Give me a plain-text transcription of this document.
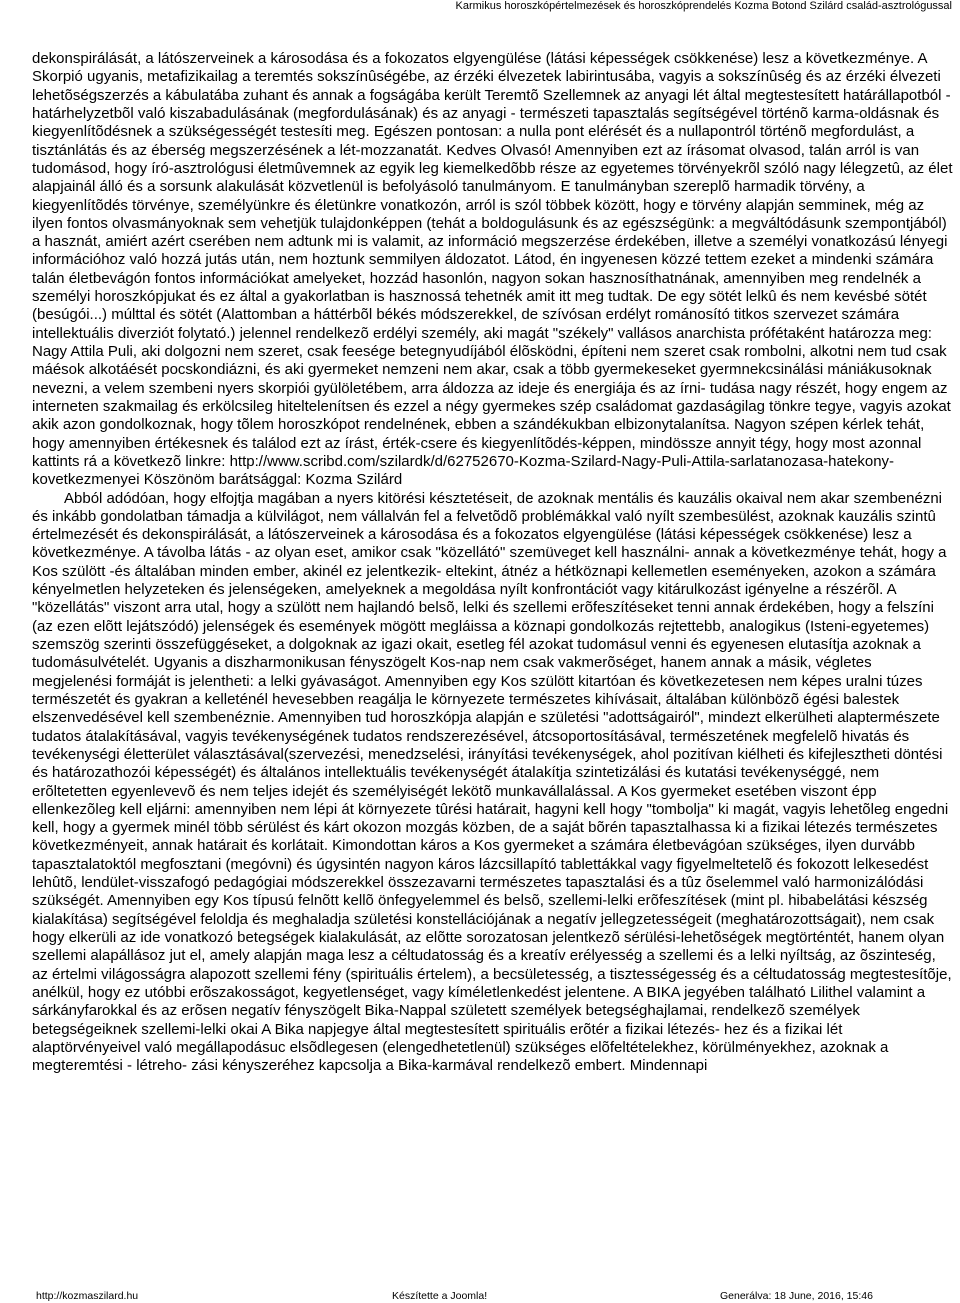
Karmikus horoszkópértelmezések és horoszkóprendelés Kozma Botond Szilárd család-asztrológussal

dekonspirálását, a látószerveinek a károsodása és a fokozatos elgyengülése (látási képességek csökkenése) lesz a következménye. A Skorpió ugyanis, metafizikailag a teremtés sokszínûségébe, az érzéki élvezetek labirintusába, vagyis a sokszínûség és az érzéki élvezeti lehetõségszerzés a kábulatába zuhant és annak a fogságába került Teremtõ Szellemnek az anyagi lét által megtestesített határállapotból - határhelyzetbõl való kiszabadulásának (megfordulásának) és az anyagi - természeti tapasztalás segítségével történõ karma-oldásnak és kiegyenlítõdésnek a szükségességét testesíti meg. Egészen pontosan: a nulla pont elérését és a nullapontról történõ megfordulást, a tisztánlátás és az éberség megszerzésének a lét-mozzanatát. Kedves Olvasó! Amennyiben ezt az írásomat olvasod, talán arról is van tudomásod, hogy író-asztrológusi életmûvemnek az egyik leg kiemelkedõbb része az egyetemes törvényekrõl szóló nagy lélegzetû, az élet alapjainál álló és a sorsunk alakulását közvetlenül is befolyásoló tanulmányom. E tanulmányban szereplõ harmadik törvény, a kiegyenlítõdés törvénye, személyünkre és életünkre vonatkozón, arról is szól többek között, hogy e törvény alapján semminek, még az ilyen fontos olvasmányoknak sem vehetjük tulajdonképpen (tehát a boldogulásunk és az egészségünk: a megváltódásunk szempontjából) a hasznát, amiért azért cserében nem adtunk mi is valamit, az információ megszerzése érdekében, illetve a személyi vonatkozású lényegi információhoz való hozzá jutás után, nem hoztunk semmilyen áldozatot. Látod, én ingyenesen közzé tettem ezeket a mindenki számára talán életbevágón fontos információkat amelyeket, hozzád hasonlón, nagyon sokan hasznosíthatnának, amennyiben meg rendelnék a személyi horoszkópjukat és ez által a gyakorlatban is hasznossá tehetnék amit itt meg tudtak. De egy sötét lelkû és nem kevésbé sötét (besúgói...) múlttal és sötét (Alattomban a háttérbõl békés módszerekkel, de szívósan erdélyt románosító titkos szervezet számára intellektuális diverziót folytató.) jelennel rendelkezõ erdélyi személy, aki magát "székely" vallásos anarchista prófétaként határozza meg: Nagy Attila Puli, aki dolgozni nem szeret, csak feesége betegnyudíjából élõsködni, építeni nem szeret csak rombolni, alkotni nem tud csak máésok alkotáését pocskondiázni, és aki gyermeket nemzeni nem akar, csak a több gyermekeseket gyermnekcsinálási mániákusoknak nevezni, a velem szembeni nyers skorpiói gyülöletébem, arra áldozza az ideje és energiája és az írni- tudása nagy részét, hogy engem az interneten szakmailag és erkölcsileg hiteltelenítsen és ezzel a négy gyermekes szép családomat gazdaságilag tönkre tegye, vagyis azokat akik azon gondolkoznak, hogy tõlem horoszkópot rendelnének, ebben a szándékukban elbizonytalanítsa. Nagyon szépen kérlek tehát, hogy amennyiben értékesnek és találod ezt az írást, érték-csere és kiegyenlítõdés-képpen, mindössze annyit tégy, hogy most azonnal kattints rá a következõ linkre: http://www.scribd.com/szilardk/d/62752670-Kozma-Szilard-Nagy-Puli-Attila-sarlatanozasa-hatekony-kovetkezmenyei Köszönöm barátsággal: Kozma Szilárd

Abból adódóan, hogy elfojtja magában a nyers kitörési késztetéseit, de azoknak mentális és kauzális okaival nem akar szembenézni és inkább gondolatban támadja a külvilágot, nem vállalván fel a felvetõdõ problémákkal való nyílt szembesülést, azoknak kauzális szintû értelmezését és dekonspirálását, a látószerveinek a károsodása és a fokozatos elgyengülése (látási képességek csökkenése) lesz a következménye. A távolba látás - az olyan eset, amikor csak "közellátó" szemüveget kell használni- annak a következménye tehát, hogy a Kos szülött -és általában minden ember, akinél ez jelentkezik- eltekint, átnéz a hétköznapi kellemetlen eseményeken, azokon a számára kényelmetlen helyzeteken és jelenségeken, amelyeknek a megoldása nyílt konfrontációt vagy kitárulkozást igényelne a részérõl. A "közellátás" viszont arra utal, hogy a szülött nem hajlandó belsõ, lelki és szellemi erõfeszítéseket tenni annak érdekében, hogy a felszíni (az ezen elõtt lejátszódó) jelenségek és események mögött megláissa a köznapi gondolkozás rejtettebb, analogikus (Isteni-egyetemes) szemszög szerinti összefüggéseket, a dolgoknak az igazi okait, esetleg fél azokat tudomásul venni és egyenesen elutasítja azoknak a tudomásulvételét. Ugyanis a diszharmonikusan fényszögelt Kos-nap nem csak vakmerõséget, hanem annak a másik, végletes megjelenési formáját is jelentheti: a lelki gyávaságot. Amennyiben egy Kos szülött kitartóan és következetesen nem képes uralni túzes természetét és gyakran a kelleténél hevesebben reagálja le környezete természetes kihívásait, általában különbözõ égési balestek elszenvedésével kell szembenéznie. Amennyiben tud horoszkópja alapján e születési "adottságairól", mindezt elkerülheti alaptermészete tudatos átalakításával, vagyis tevékenységének tudatos rendszerezésével, átcsoportosításával, természetének megfelelõ hivatás és tevékenységi életterület választásával(szervezési, menedzselési, irányítási tevékenységek, ahol pozitívan kiélheti és kifejlesztheti döntési és határozathozói képességét) és általános intellektuális tevékenységét átalakítja szintetizálási és kutatási tevékenységgé, nem erõltetetten egyenlevevõ és nem teljes idejét és személyiségét lekötõ munkavállalással. A Kos gyermeket esetében viszont épp ellenkezõleg kell eljárni: amennyiben nem lépi át környezete tûrési határait, hagyni kell hogy "tombolja" ki magát, vagyis lehetõleg engedni kell, hogy a gyermek minél több sérülést és kárt okozon mozgás közben, de a saját bõrén tapasztalhassa ki a fizikai létezés természetes következményeit, annak határait és korlátait. Kimondottan káros a Kos gyermeket a számára életbevágóan szükséges, ilyen durvább tapasztalatoktól megfosztani (megóvni) és úgysintén nagyon káros lázcsillapító tablettákkal vagy figyelmeltetelõ és fokozott lelkesedést lehûtõ, lendület-visszafogó pedagógiai módszerekkel összezavarni természetes tapasztalási és a tûz õselemmel való harmonizálódási szükségét. Amennyiben egy Kos típusú felnõtt kellõ önfegyelemmel és belsõ, szellemi-lelki erõfeszítések (mint pl. hibabelátási készség kialakítása) segítségével feloldja és meghaladja születési konstellációjának a negatív jellegzetességeit (meghatározottságait), nem csak hogy elkerüli az ide vonatkozó betegségek kialakulását, az elõtte sorozatosan jelentkezõ sérülési-lehetõségek megtörténtét, hanem olyan szellemi alapállásoz jut el, amely alapján maga lesz a céltudatosság és a kreatív erélyesség a szellemi és a lelki nyíltság, az õszinteség, az értelmi világosságra alapozott szellemi fény (spirituális értelem), a becsületesség, a tisztességesség és a céltudatosság megtestesítõje, anélkül, hogy ez utóbbi erõszakosságot, kegyetlenséget, vagy kíméletlenkedést jelentene. A BIKA jegyében található Lilithel valamint a sárkányfarokkal és az erõsen negatív fényszögelt Bika-Nappal született személyek betegséghajlamai, rendelkezõ személyek betegségeiknek szellemi-lelki okai A Bika napjegye által megtestesített spirituális erõtér a fizikai létezés- hez és a fizikai lét alaptörvényeivel való megállapodásuc elsõdlegesen (elengedhetetlenül) szükséges elõfeltételekhez, körülményekhez, azoknak a megteremtési - létreho- zási kényszeréhez kapcsolja a Bika-karmával rendelkezõ embert. Mindennapi

http://kozmaszilard.hu	Készítette a Joomla!	Generálva: 18 June, 2016, 15:46
